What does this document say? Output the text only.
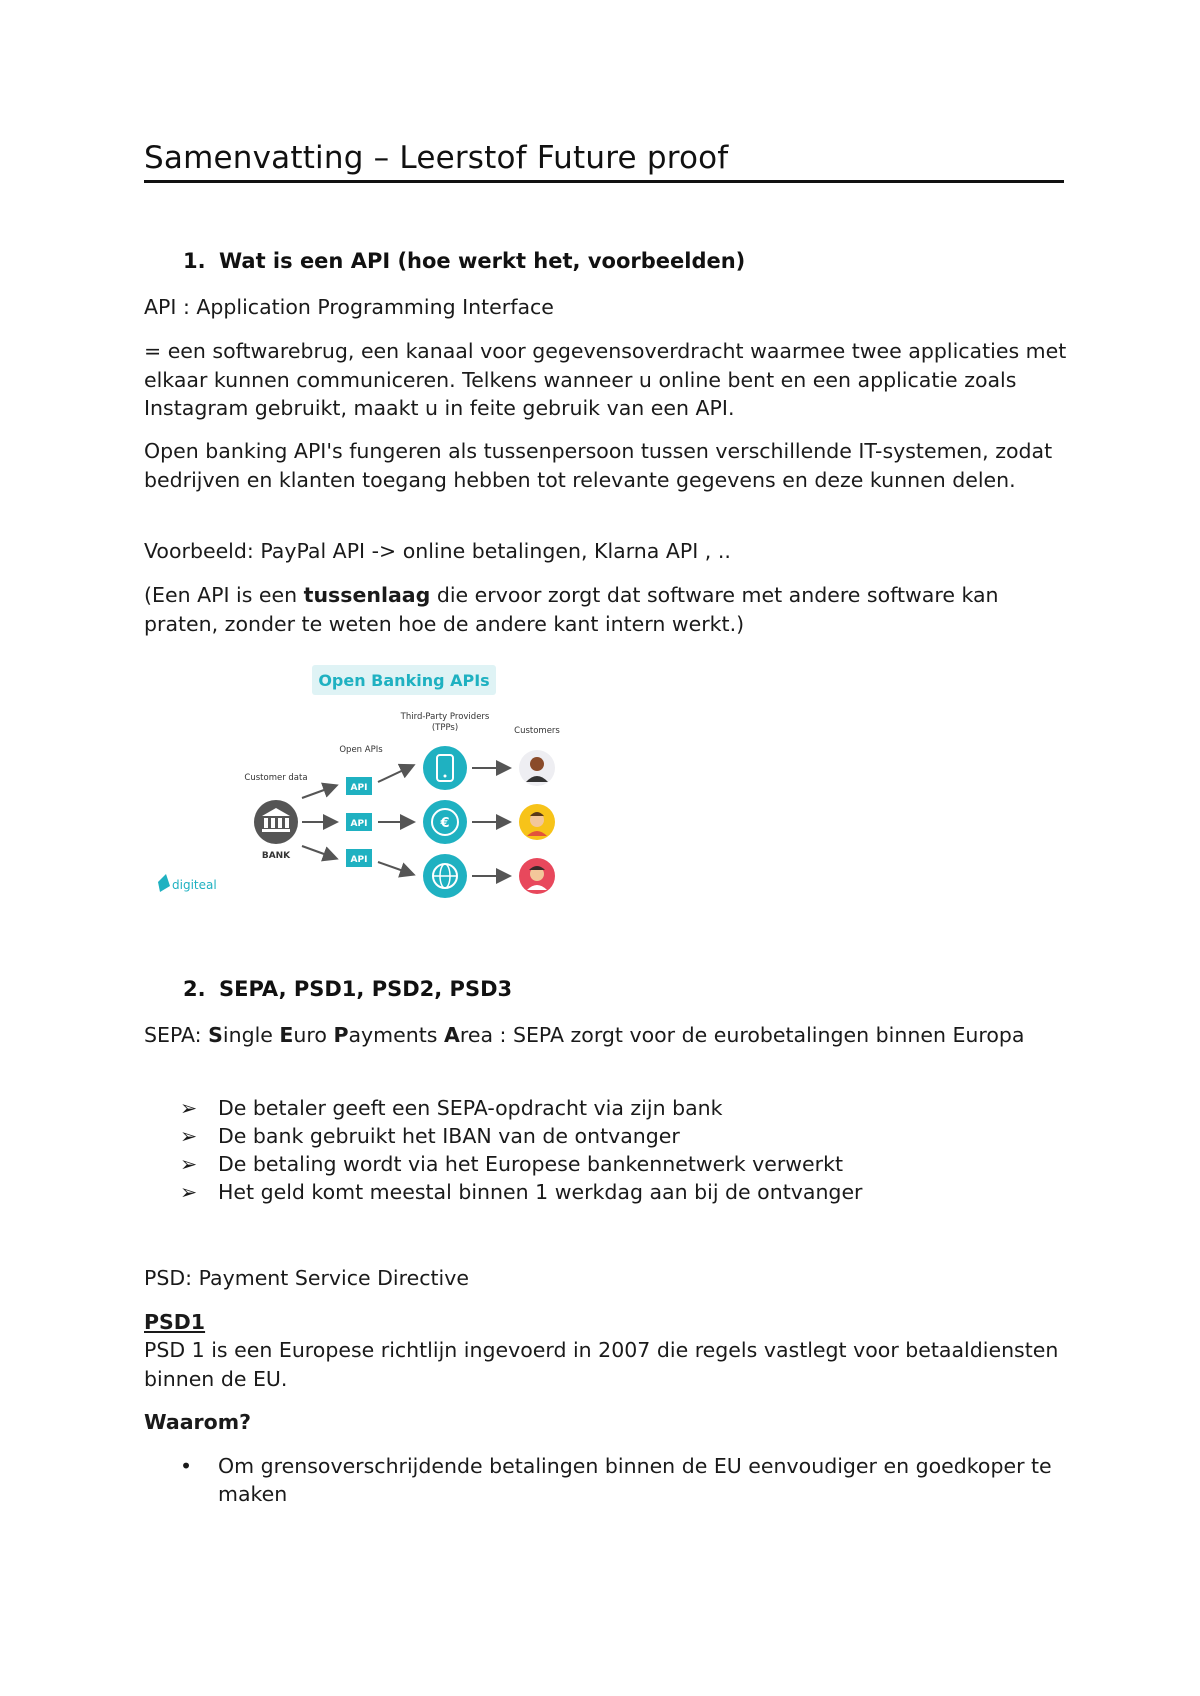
Samenvatting – Leerstof Future proof
1. Wat is een API (hoe werkt het, voorbeelden)
API : Application Programming Interface
= een softwarebrug, een kanaal voor gegevensoverdracht waarmee twee applicaties met elkaar kunnen communiceren. Telkens wanneer u online bent en een applicatie zoals Instagram gebruikt, maakt u in feite gebruik van een API.
Open banking API's fungeren als tussenpersoon tussen verschillende IT-systemen, zodat bedrijven en klanten toegang hebben tot relevante gegevens en deze kunnen delen.
Voorbeeld: PayPal API -> online betalingen, Klarna API , ..
(Een API is een tussenlaag die ervoor zorgt dat software met andere software kan praten, zonder te weten hoe de andere kant intern werkt.)
Open Banking APIs
Third-Party Providers
(TPPs)	Customers
Open APIs
Customer data
BANK
API
API
API
€
digiteal
2. SEPA, PSD1, PSD2, PSD3
SEPA: Single Euro Payments Area : SEPA zorgt voor de eurobetalingen binnen Europa
➢	De betaler geeft een SEPA-opdracht via zijn bank
➢	De bank gebruikt het IBAN van de ontvanger
➢	De betaling wordt via het Europese bankennetwerk verwerkt
➢	Het geld komt meestal binnen 1 werkdag aan bij de ontvanger
PSD: Payment Service Directive
PSD1
PSD 1 is een Europese richtlijn ingevoerd in 2007 die regels vastlegt voor betaaldiensten binnen de EU.
Waarom?
•	Om grensoverschrijdende betalingen binnen de EU eenvoudiger en goedkoper te maken
